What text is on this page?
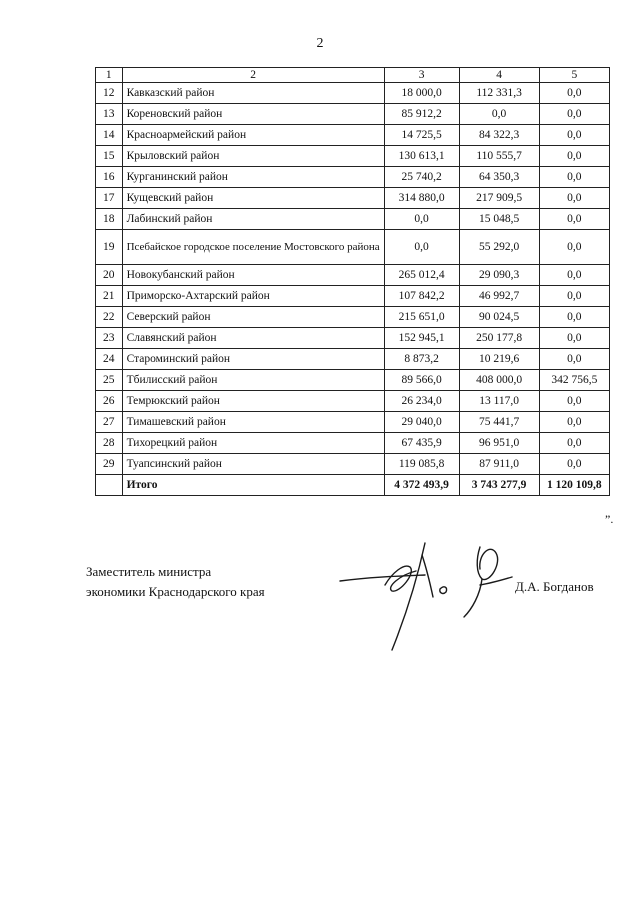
2
1	2	3	4	5
12	Кавказский район	18 000,0	112 331,3	0,0
13	Кореновский район	85 912,2	0,0	0,0
14	Красноармейский район	14 725,5	84 322,3	0,0
15	Крыловский район	130 613,1	110 555,7	0,0
16	Курганинский район	25 740,2	64 350,3	0,0
17	Кущевский район	314 880,0	217 909,5	0,0
18	Лабинский район	0,0	15 048,5	0,0
19	Псебайское городское поселение Мостовского района	0,0	55 292,0	0,0
20	Новокубанский район	265 012,4	29 090,3	0,0
21	Приморско-Ахтарский район	107 842,2	46 992,7	0,0
22	Северский район	215 651,0	90 024,5	0,0
23	Славянский район	152 945,1	250 177,8	0,0
24	Староминский район	8 873,2	10 219,6	0,0
25	Тбилисский район	89 566,0	408 000,0	342 756,5
26	Темрюкский район	26 234,0	13 117,0	0,0
27	Тимашевский район	29 040,0	75 441,7	0,0
28	Тихорецкий район	67 435,9	96 951,0	0,0
29	Туапсинский район	119 085,8	87 911,0	0,0
	Итого	4 372 493,9	3 743 277,9	1 120 109,8
”.
Заместитель министра
экономики Краснодарского края	Д.А. Богданов
